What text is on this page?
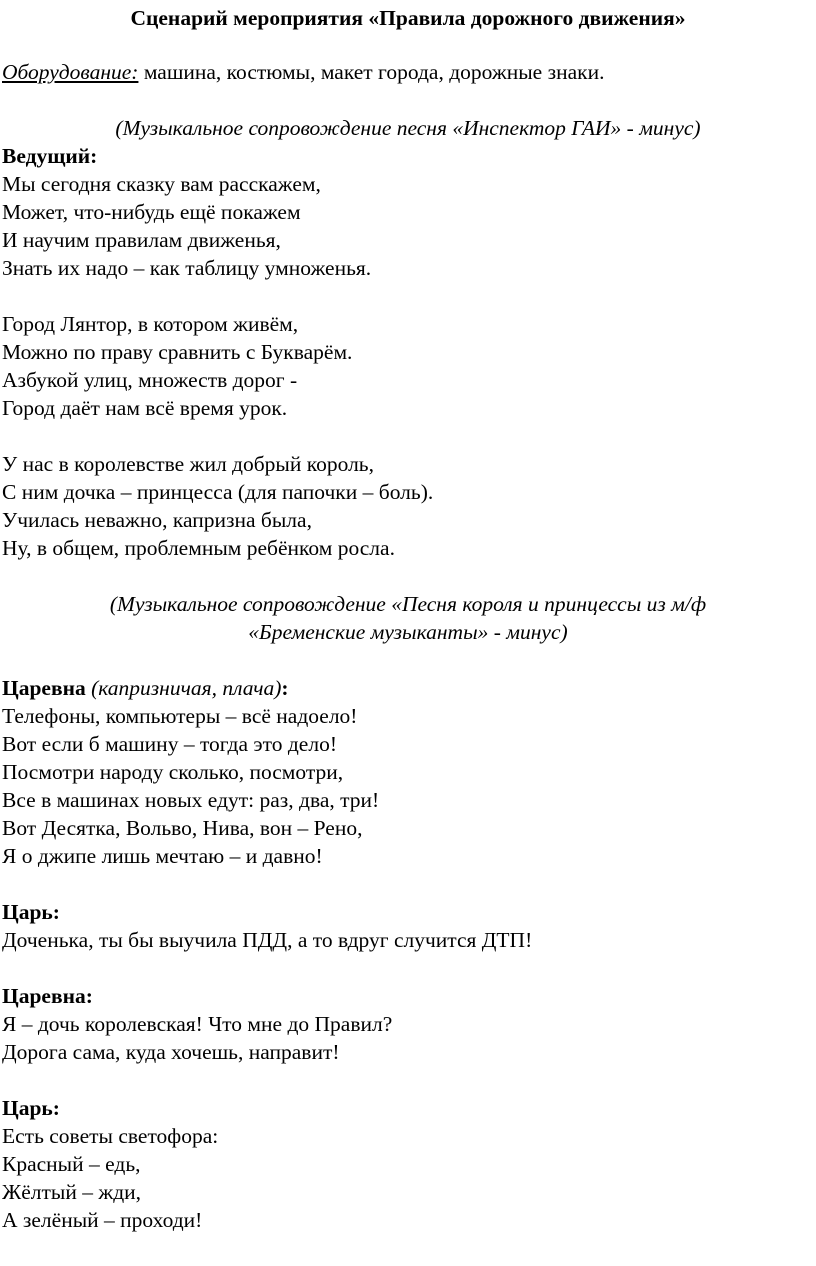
Сценарий мероприятия «Правила дорожного движения»
Оборудование: машина, костюмы, макет города, дорожные знаки.
(Музыкальное сопровождение песня «Инспектор ГАИ» - минус)
Ведущий:
Мы сегодня сказку вам расскажем,
Может, что-нибудь ещё покажем
И научим правилам движенья,
Знать их надо – как таблицу умноженья.
Город Лянтор, в котором живём,
Можно по праву сравнить с Букварём.
Азбукой улиц, множеств дорог -
Город даёт нам всё время урок.
У нас в королевстве жил добрый король,
С ним дочка – принцесса (для папочки – боль).
Училась неважно, капризна была,
Ну, в общем, проблемным ребёнком росла.
(Музыкальное сопровождение «Песня короля и принцессы из м/ф
«Бременские музыканты» - минус)
Царевна (капризничая, плача):
Телефоны, компьютеры – всё надоело!
Вот если б машину – тогда это дело!
Посмотри народу сколько, посмотри,
Все в машинах новых едут: раз, два, три!
Вот Десятка, Вольво, Нива, вон – Рено,
Я о джипе лишь мечтаю – и давно!
Царь:
Доченька, ты бы выучила ПДД, а то вдруг случится ДТП!
Царевна:
Я – дочь королевская! Что мне до Правил?
Дорога сама, куда хочешь, направит!
Царь:
Есть советы светофора:
Красный – едь,
Жёлтый – жди,
А зелёный – проходи!
